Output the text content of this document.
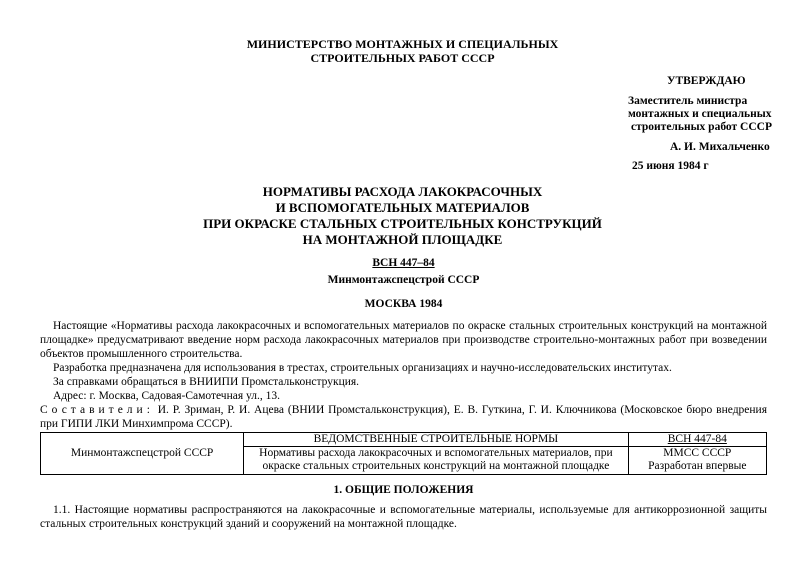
МИНИСТЕРСТВО МОНТАЖНЫХ И СПЕЦИАЛЬНЫХ
СТРОИТЕЛЬНЫХ РАБОТ СССР
УТВЕРЖДАЮ
Заместитель министра
монтажных и специальных
строительных работ СССР
А. И. Михальченко
25 июня 1984 г
НОРМАТИВЫ РАСХОДА ЛАКОКРАСОЧНЫХ
И ВСПОМОГАТЕЛЬНЫХ МАТЕРИАЛОВ
ПРИ ОКРАСКЕ СТАЛЬНЫХ СТРОИТЕЛЬНЫХ КОНСТРУКЦИЙ
НА МОНТАЖНОЙ ПЛОЩАДКЕ
ВСН 447–84
Минмонтажспецстрой СССР
МОСКВА 1984
Настоящие «Нормативы расхода лакокрасочных и вспомогательных материалов по окраске стальных строительных конструкций на монтажной площадке» предусматривают введение норм расхода лакокрасочных материалов при производстве строительно-монтажных работ при возведении объектов промышленного строительства.
Разработка предназначена для использования в трестах, строительных организациях и научно-исследовательских институтах.
За справками обращаться в ВНИИПИ Промстальконструкция.
Адрес: г. Москва, Садовая-Самотечная ул., 13.
Составители: И. Р. Зриман, Р. И. Ацева (ВНИИ Промстальконструкция), Е. В. Гуткина, Г. И. Ключникова (Московское бюро внедрения при ГИПИ ЛКИ Минхимпрома СССР).
Минмонтажспецстрой СССР	ВЕДОМСТВЕННЫЕ СТРОИТЕЛЬНЫЕ НОРМЫ	ВСН 447-84
	Нормативы расхода лакокрасочных и вспомогательных материалов, при окраске стальных строительных конструкций на монтажной площадке	ММСС СССР
		Разработан впервые
1. ОБЩИЕ ПОЛОЖЕНИЯ
1.1. Настоящие нормативы распространяются на лакокрасочные и вспомогательные материалы, используемые для антикоррозионной защиты стальных строительных конструкций зданий и сооружений на монтажной площадке.
